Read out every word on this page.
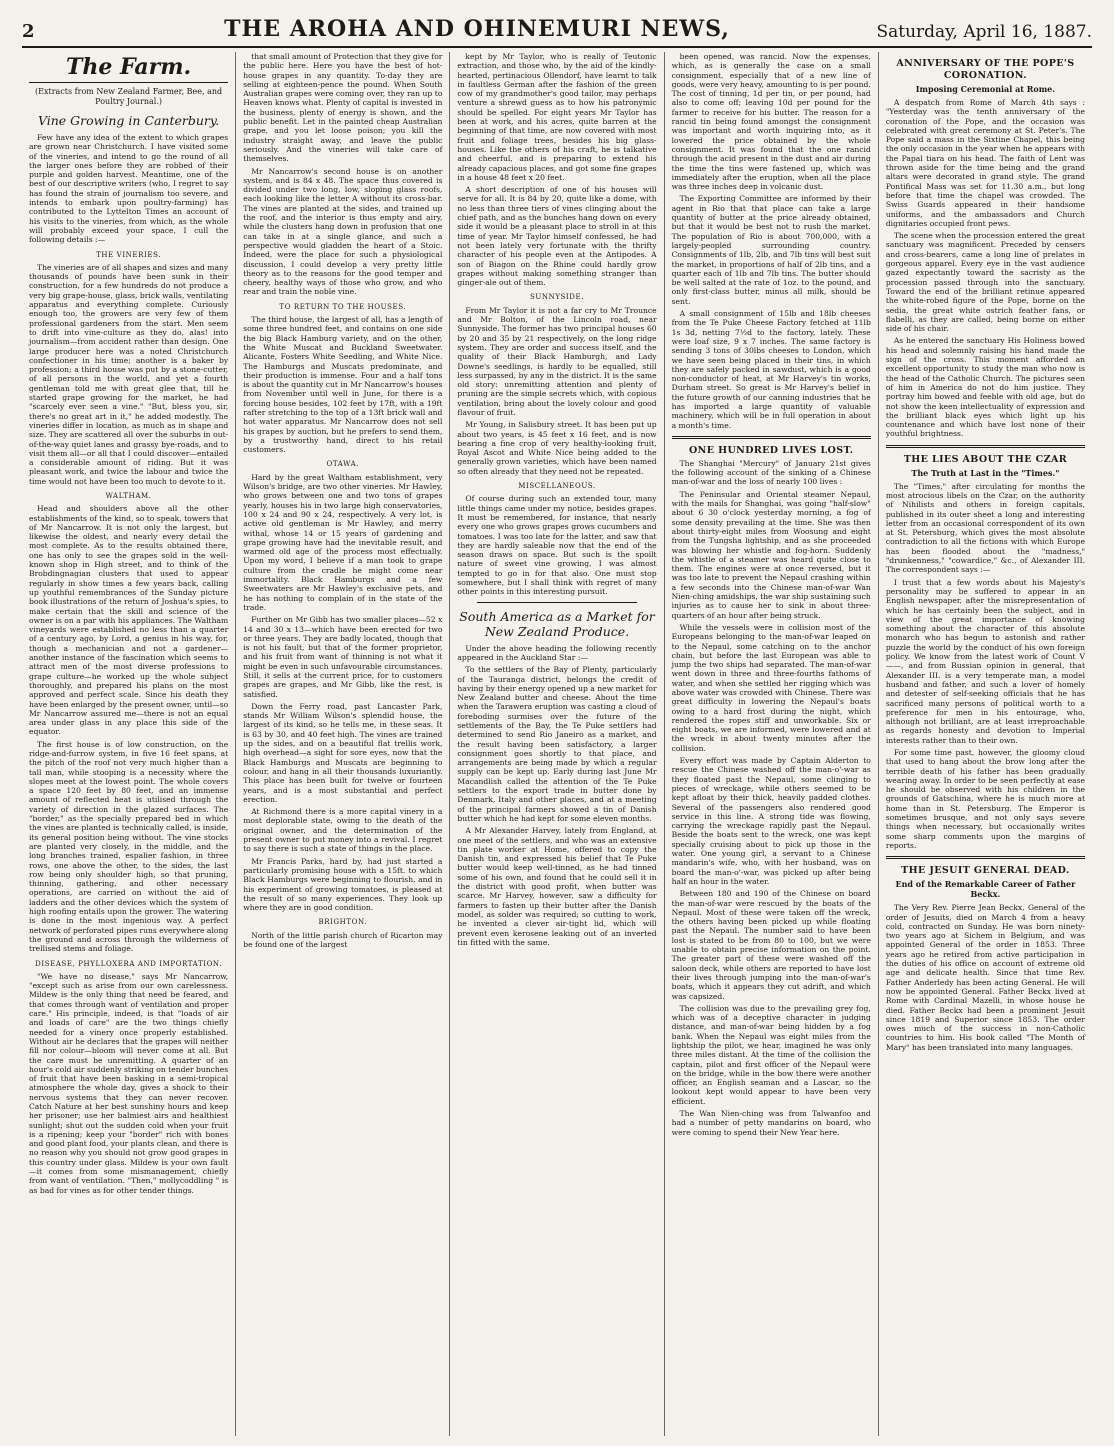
2	THE AROHA AND OHINEMURI NEWS,	Saturday, April 16, 1887.
The Farm.
(Extracts from New Zealand Farmer, Bee, and Poultry Journal.)
Vine Growing in Canterbury.

Few have any idea of the extent to which grapes are grown near Christchurch. I have visited some of the vineries, and intend to go the round of all the larger ones before they are robbed of their purple and golden harvest. Meantime, one of the best of our descriptive writers (who, I regret to say has found the strain of journalism too severe, and intends to embark upon poultry-farming) has contributed to the Lyttelton Times an account of his visits to the vineries, from which, as the whole will probably exceed your space, I cull the following details :—

THE VINERIES.

The vineries are of all shapes and sizes and many thousands of pounds have been sunk in their construction, for a few hundreds do not produce a very big grape-house, glass, brick walls, ventilating apparatus and everything complete. Curiously enough too, the growers are very few of them professional gardeners from the start. Men seem to drift into vine-culture as they do, alas! into journalism—from accident rather than design. One large producer here was a noted Christchurch confectioner in his time; another is a baker by profession; a third house was put by a stone-cutter, of all persons in the world, and yet a fourth gentleman told me with great glee that, till he started grape growing for the market, he had "scarcely ever seen a vine." "But, bless you, sir, there's no great art in it," he added modestly. The vineries differ in location, as much as in shape and size. They are scattered all over the suburbs in out-of-the-way quiet lanes and grassy bye-roads, and to visit them all—or all that I could discover—entailed a considerable amount of riding. But it was pleasant work, and twice the labour and twice the time would not have been too much to devote to it.

WALTHAM.

Head and shoulders above all the other establishments of the kind, so to speak, towers that of Mr Nancarrow. It is not only the largest, but likewise the oldest, and nearly every detail the most complete. As to the results obtained there, one has only to see the grapes sold in the well-known shop in High street, and to think of the Brobdingnagian clusters that used to appear regularly in show times a few years back, calling up youthful remembrances of the Sunday picture book illustrations of the return of Joshua's spies, to make certain that the skill and science of the owner is on a par with his appliances. The Waltham vineyards were established no less than a quarter of a century ago, by Lord, a genius in his way, for, though a mechanician and not a gardener—another instance of the fascination which seems to attract men of the most diverse professions to grape culture—he worked up the whole subject thoroughly, and prepared his plans on the most approved and perfect scale. Since his death they have been enlarged by the present owner, until—so Mr Nancarrow assured me—there is not an equal area under glass in any place this side of the equator.

The first house is of low construction, on the ridge-and-furrow system, in five 16 feet spans, at the pitch of the roof not very much higher than a tall man, while stooping is a necessity where the slopes meet at the lowest point. The whole covers a space 120 feet by 80 feet, and an immense amount of reflected heat is utilised through the variety of direction in the glazed surfaces. The "border," as the specially prepared bed in which the vines are planted is technically called, is inside, its general position being without. The vine stocks are planted very closely, in the middle, and the long branches trained, espalier fashion, in three rows, one above the other, to the sides, the last row being only shoulder high, so that pruning, thinning, gathering, and other necessary operations, are carried on without the aid of ladders and the other devices which the system of high roofing entails upon the grower. The watering is done in the most ingenious way. A perfect network of perforated pipes runs everywhere along the ground and across through the wilderness of trellised stems and foliage.

DISEASE, PHYLLOXERA AND IMPORTATION.

"We have no disease," says Mr Nancarrow, "except such as arise from our own carelessness. Mildew is the only thing that need be feared, and that comes through want of ventilation and proper care." His principle, indeed, is that "loads of air and loads of care" are the two things chiefly needed for a vinery once properly established. Without air he declares that the grapes will neither fill nor colour—bloom will never come at all. But the care must be unremitting. A quarter of an hour's cold air suddenly striking on tender bunches of fruit that have been basking in a semi-tropical atmosphere the whole day, gives a shock to their nervous systems that they can never recover. Catch Nature at her best sunshiny hours and keep her prisoner; use her balmiest airs and healthiest sunlight; shut out the sudden cold when your fruit is a ripening; keep your "border" rich with bones and good plant food, your plants clean, and there is no reason why you should not grow good grapes in this country under glass. Mildew is your own fault—it comes from some mismanagement, chiefly from want of ventilation. "Then," mollycoddling " is as bad for vines as for other tender things.

that small amount of Protection that they give for the public here. Here you have the best of hot-house grapes in any quantity. To-day they are selling at eighteen-pence the pound. When South Australian grapes were coming over, they ran up to Heaven knows what. Plenty of capital is invested in the business, plenty of energy is shown, and the public benefit. Let in the painted cheap Australian grape, and you let loose poison; you kill the industry straight away, and leave the public seriously. And the vineries will take care of themselves.

Mr Nancarrow's second house is on another system, and is 84 x 48. The space thus covered is divided under two long, low, sloping glass roofs, each looking like the letter A without its cross-bar. The vines are planted at the sides, and trained up the roof, and the interior is thus empty and airy, while the clusters hang down in profusion that one can take in at a single glance, and such a perspective would gladden the heart of a Stoic. Indeed, were the place for such a physiological discussion, I could develop a very pretty little theory as to the reasons for the good temper and cheery, healthy ways of those who grow, and who rear and train the noble vine.

TO RETURN TO THE HOUSES.

The third house, the largest of all, has a length of some three hundred feet, and contains on one side the big Black Hamburg variety, and on the other, the White Muscat and Buckland Sweetwater. Alicante, Fosters White Seedling, and White Nice. The Hamburgs and Muscats predominate, and their production is immense. Four and a half tons is about the quantity cut in Mr Nancarrow's houses from November until well in June, for there is a forcing house besides, 102 feet by 17ft, with a 19ft rafter stretching to the top of a 13ft brick wall and hot water apparatus. Mr Nancarrow does not sell his grapes by auction, but he prefers to send them, by a trustworthy hand, direct to his retail customers.

OTAWA.

Hard by the great Waltham establishment, very Wilson's bridge, are two other vineries. Mr Hawley, who grows between one and two tons of grapes yearly, houses his in two large high conservatories, 100 x 24 and 90 x 24, respectively. A very lot, is active old gentleman is Mr Hawley, and merry withal, whose 14 or 15 years of gardening and grape growing have had the inevitable result, and warmed old age of the process most effectually. Upon my word, I believe if a man took to grape culture from the cradle he might come near immortality. Black Hamburgs and a few Sweetwaters are Mr Hawley's exclusive pets, and he has nothing to complain of in the state of the trade.

Further on Mr Gibb has two smaller places—52 x 14 and 30 x 13—which have been erected for two or three years. They are badly located, though that is not his fault, but that of the former proprietor, and his fruit from want of thinning is not what it might be even in such unfavourable circumstances. Still, it sells at the current price, for to customers grapes are grapes, and Mr Gibb, like the rest, is satisfied.

Down the Ferry road, past Lancaster Park, stands Mr William Wilson's splendid house, the largest of its kind, so he tells me, in these seas. It is 63 by 30, and 40 feet high. The vines are trained up the sides, and on a beautiful flat trellis work, high overhead—a sight for sore eyes, now that the Black Hamburgs and Muscats are beginning to colour, and hang in all their thousands luxuriantly. This place has been built for twelve or fourteen years, and is a most substantial and perfect erection.

At Richmond there is a more capital vinery in a most deplorable state, owing to the death of the original owner, and the determination of the present owner to put money into a revival. I regret to say there is such a state of things in the place.

Mr Francis Parks, hard by, had just started a particularly promising house with a 15ft. to which Black Hamburgs were beginning to flourish, and in his experiment of growing tomatoes, is pleased at the result of so many experiences. They look up where they are in good condition.

BRIGHTON.

North of the little parish church of Ricarton may be found one of the largest

kept by Mr Taylor, who is really of Teutonic extraction, and those who, by the aid of the kindly-hearted, pertinacious Ollendorf, have learnt to talk in faultless German after the fashion of the green cow of my grandmother's good tailor, may perhaps venture a shrewd guess as to how his patronymic should be spelled. For eight years Mr Taylor has been at work, and his acres, quite barren at the beginning of that time, are now covered with most fruit and foliage trees, besides his big glass-houses. Like the others of his craft, he is talkative and cheerful, and is preparing to extend his already capacious places, and got some fine grapes in a house 48 feet x 20 feet.

A short description of one of his houses will serve for all. It is 84 by 20, quite like a dome, with no less than three tiers of vines clinging about the chief path, and as the bunches hang down on every side it would be a pleasant place to stroll in at this time of year. Mr Taylor himself confessed, he had not been lately very fortunate with the thrifty character of his people even at the Antipodes. A son of Biagon on the Rhine could hardly grow grapes without making something stranger than ginger-ale out of them.

SUNNYSIDE.

From Mr Taylor it is not a far cry to Mr Trounce and Mr Bolton, of the Lincoln road, near Sunnyside. The former has two principal houses 60 by 20 and 35 by 21 respectively, on the long ridge system. They are order and success itself, and the quality of their Black Hamburgh, and Lady Downe's seedlings, is hardly to be equalled, still less surpassed, by any in the district. It is the same old story: unremitting attention and plenty of pruning are the simple secrets which, with copious ventilation, bring about the lovely colour and good flavour of fruit.

Mr Young, in Salisbury street. It has been put up about two years, is 45 feet x 16 feet, and is now bearing a fine crop of very healthy-looking fruit, Royal Ascot and White Nice being added to the generally grown varieties, which have been named so often already that they need not be repeated.

MISCELLANEOUS.

Of course during such an extended tour, many little things came under my notice, besides grapes. It must be remembered, for instance, that nearly every one who grows grapes grows cucumbers and tomatoes. I was too late for the latter, and saw that they are hardly saleable now that the end of the season draws on space. But such is the spoilt nature of sweet vine growing, I was almost tempted to go in for that also. One must stop somewhere, but I shall think with regret of many other points in this interesting pursuit.

South America as a Market for New Zealand Produce.

Under the above heading the following recently appeared in the Auckland Star :—

To the settlers of the Bay of Plenty, particularly of the Tauranga district, belongs the credit of having by their energy opened up a new market for New Zealand butter and cheese. About the time when the Tarawera eruption was casting a cloud of foreboding surmises over the future of the settlements of the Bay, the Te Puke settlers had determined to send Rio Janeiro as a market, and the result having been satisfactory, a larger consignment goes shortly to that place, and arrangements are being made by which a regular supply can be kept up. Early during last June Mr Macandlish called the attention of the Te Puke settlers to the export trade in butter done by Denmark, Italy and other places, and at a meeting of the principal farmers showed a tin of Danish butter which he had kept for some eleven months.

A Mr Alexander Harvey, lately from England, at one meet of the settlers, and who was an extensive tin plate worker at Home, offered to copy the Danish tin, and expressed his belief that Te Puke butter would keep well-tinned, as he had tinned some of his own, and found that he could sell it in the district with good profit, when butter was scarce. Mr Harvey, however, saw a difficulty for farmers to fasten up their butter after the Danish model, as solder was required; so cutting to work, he invented a clever air-tight lid, which will prevent even kerosene leaking out of an inverted tin fitted with the same.

been opened, was rancid. Now the expenses, which, as is generally the case on a small consignment, especially that of a new line of goods, were very heavy, amounting to is per pound. The cost of tinning, 1d per tin, or per pound, had also to come off; leaving 10d per pound for the farmer to receive for his butter. The reason for a rancid tin being found amongst the consignment was important and worth inquiring into, as it lowered the price obtained by the whole consignment. It was found that the one rancid through the acid present in the dust and air during the time the tins were fastened up, which was immediately after the eruption, when all the place was three inches deep in volcanic dust.

The Exporting Committee are informed by their agent in Rio that that place can take a large quantity of butter at the price already obtained, but that it would be best not to rush the market. The population of Rio is about 700,000, with a largely-peopled surrounding country. Consignments of 1lb, 2lb, and 7lb tins will best suit the market, in proportions of half of 2lb tins, and a quarter each of 1lb and 7lb tins. The butter should be well salted at the rate of 1oz. to the pound, and only first-class butter, minus all milk, should be sent.

A small consignment of 15lb and 18lb cheeses from the Te Puke Cheese Factory fetched at 11lb 1s 3d, netting 7½d to the factory, lately. These were loaf size, 9 x 7 inches. The same factory is sending 3 tons of 30lbs cheeses to London, which we have seen being placed in their tins, in which they are safely packed in sawdust, which is a good non-conductor of heat, at Mr Harvey's tin works, Durham street. So great is Mr Harvey's belief in the future growth of our canning industries that he has imported a large quantity of valuable machinery, which will be in full operation in about a month's time.

ONE HUNDRED LIVES LOST.

The Shanghai "Mercury" of January 21st gives the following account of the sinking of a Chinese man-of-war and the loss of nearly 100 lives :

The Peninsular and Oriental steamer Nepaul, with the mails for Shanghai, was going "half-slow" about 6 30 o'clock yesterday morning, a fog of some density prevailing at the time. She was then about thirty-eight miles from Woosung and eight from the Tungsha lightship, and as she proceeded was blowing her whistle and fog-horn. Suddenly the whistle of a steamer was heard quite close to them. The engines were at once reversed, but it was too late to prevent the Nepaul crashing within a few seconds into the Chinese man-of-war Wan Nien-ching amidships, the war ship sustaining such injuries as to cause her to sink in about three-quarters of an hour after being struck.

While the vessels were in collision most of the Europeans belonging to the man-of-war leaped on to the Nepaul, some catching on to the anchor chain, but before the last European was able to jump the two ships had separated. The man-of-war went down in three and three-fourths fathoms of water, and when she settled her rigging which was above water was crowded with Chinese. There was great difficulty in lowering the Nepaul's boats owing to a hard frost during the night, which rendered the ropes stiff and unworkable. Six or eight boats, we are informed, were lowered and at the wreck in about twenty minutes after the collision.

Every effort was made by Captain Alderton to rescue the Chinese washed off the man-o'-war as they floated past the Nepaul, some clinging to pieces of wreckage, while others seemed to be kept afloat by their thick, heavily padded clothes. Several of the passengers also rendered good service in this line. A strong tide was flowing, carrying the wreckage rapidly past the Nepaul. Beside the boats sent to the wreck, one was kept specially cruising about to pick up those in the water. One young girl, a servant to a Chinese mandarin's wife, who, with her husband, was on board the man-o'-war, was picked up after being half an hour in the water.

Between 180 and 190 of the Chinese on board the man-of-war were rescued by the boats of the Nepaul. Most of these were taken off the wreck, the others having been picked up while floating past the Nepaul. The number said to have been lost is stated to be from 80 to 100, but we were unable to obtain precise information on the point. The greater part of these were washed off the saloon deck, while others are reported to have lost their lives through jumping into the man-of-war's boats, which it appears they cut adrift, and which was capsized.

The collision was due to the prevailing grey fog, which was of a deceptive character in judging distance, and man-of-war being hidden by a fog bank. When the Nepaul was eight miles from the lightship the pilot, we hear, imagined he was only three miles distant. At the time of the collision the captain, pilot and first officer of the Nepaul were on the bridge, while in the bow there were another officer, an English seaman and a Lascar, so the lookout kept would appear to have been very efficient.

The Wan Nien-ching was from Talwanfoo and had a number of petty mandarins on board, who were coming to spend their New Year here.

ANNIVERSARY OF THE POPE'S CORONATION.
Imposing Ceremonial at Rome.

A despatch from Rome of March 4th says : "Yesterday was the tenth anniversary of the coronation of the Pope, and the occasion was celebrated with great ceremony at St. Peter's. The Pope said a mass in the Sixtine Chapel, this being the only occasion in the year when he appears with the Papal tiara on his head. The faith of Lent was thrown aside for the time being and the grand altars were decorated in grand style. The grand Pontifical Mass was set for 11.30 a.m., but long before that time the chapel was crowded. The Swiss Guards appeared in their handsome uniforms, and the ambassadors and Church dignitaries occupied front pews.

The scene when the procession entered the great sanctuary was magnificent. Preceded by censers and cross-bearers, came a long line of prelates in gorgeous apparel. Every eye in the vast audience gazed expectantly toward the sacristy as the procession passed through into the sanctuary. Toward the end of the brilliant retinue appeared the white-robed figure of the Pope, borne on the sedia, the great white ostrich feather fans, or flabelli, as they are called, being borne on either side of his chair.

As he entered the sanctuary His Holiness bowed his head and solemnly raising his hand made the sign of the cross. This moment afforded an excellent opportunity to study the man who now is the head of the Catholic Church. The pictures seen of him in America do not do him justice. They portray him bowed and feeble with old age, but do not show the keen intellectuality of expression and the brilliant black eyes which light up his countenance and which have lost none of their youthful brightness.

THE LIES ABOUT THE CZAR
The Truth at Last in the "Times."

The "Times," after circulating for months the most atrocious libels on the Czar, on the authority of Nihilists and others in foreign capitals, published in its outer sheet a long and interesting letter from an occasional correspondent of its own at St. Petersburg, which gives the most absolute contradiction to all the fictions with which Europe has been flooded about the "madness," "drunkenness," "cowardice," &c., of Alexander III. The correspondent says :—

I trust that a few words about his Majesty's personality may be suffered to appear in an English newspaper, after the misrepresentation of which he has certainly been the subject, and in view of the great importance of knowing something about the character of this absolute monarch who has begun to astonish and rather puzzle the world by the conduct of his own foreign policy. We know from the latest work of Count V——, and from Russian opinion in general, that Alexander III. is a very temperate man, a model husband and father, and such a lover of homely and detester of self-seeking officials that he has sacrificed many persons of political worth to a preference for men in his entourage, who, although not brilliant, are at least irreproachable as regards honesty and devotion to Imperial interests rather than to their own.

For some time past, however, the gloomy cloud that used to hang about the brow long after the terrible death of his father has been gradually wearing away. In order to be seen perfectly at ease he should be observed with his children in the grounds of Gatschina, where he is much more at home than in St. Petersburg. The Emperor is sometimes brusque, and not only says severe things when necessary, but occasionally writes some sharp comments upon the margins of reports.

THE JESUIT GENERAL DEAD.
End of the Remarkable Career of Father Beckx.

The Very Rev. Pierre Jean Beckx, General of the order of Jesuits, died on March 4 from a heavy cold, contracted on Sunday. He was born ninety-two years ago at Sichem in Belgium, and was appointed General of the order in 1853. Three years ago he retired from active participation in the duties of his office on account of extreme old age and delicate health. Since that time Rev. Father Anderledy has been acting General. He will now be appointed General. Father Beckx lived at Rome with Cardinal Mazelli, in whose house he died. Father Beckx had been a prominent Jesuit since 1819 and Superior since 1853. The order owes much of the success in non-Catholic countries to him. His book called "The Month of Mary" has been translated into many languages.
